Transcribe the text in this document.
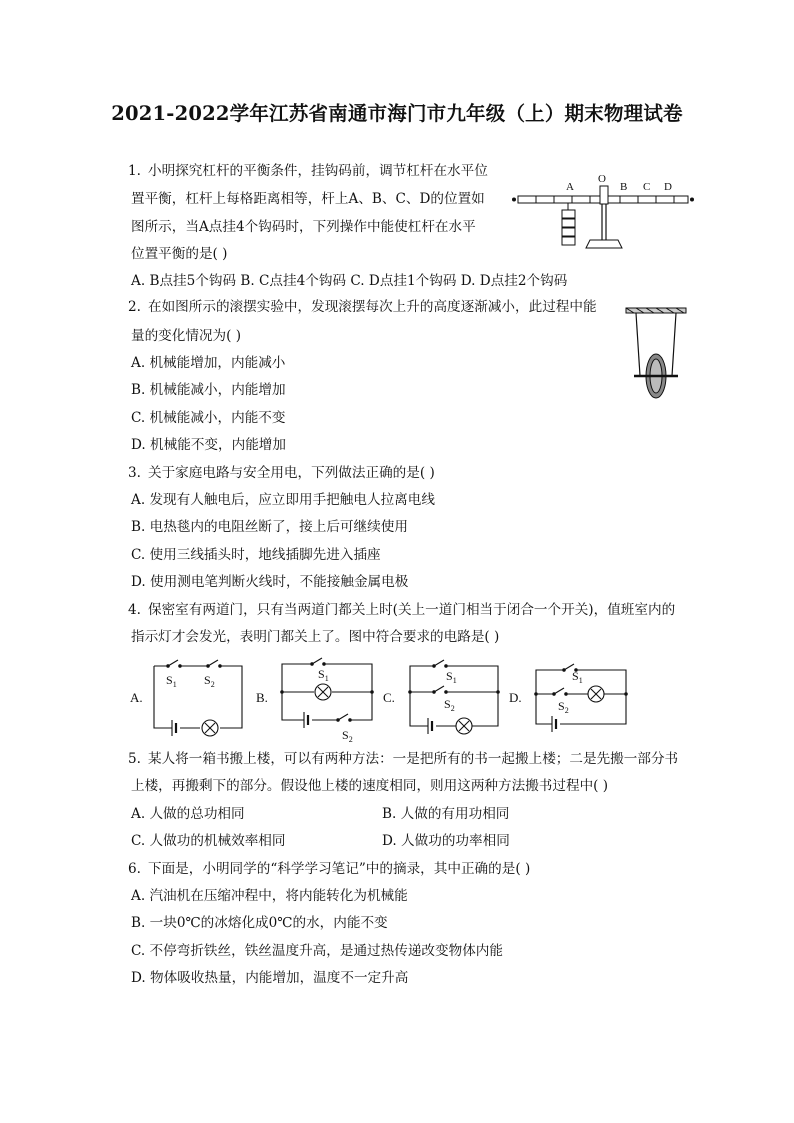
2021-2022学年江苏省南通市海门市九年级（上）期末物理试卷
1. 小明探究杠杆的平衡条件，挂钩码前，调节杠杆在水平位
置平衡，杠杆上每格距离相等，杆上A、B、C、D的位置如
图所示，当A点挂4个钩码时，下列操作中能使杠杆在水平
位置平衡的是( )
A. B点挂5个钩码 B. C点挂4个钩码 C. D点挂1个钩码 D. D点挂2个钩码
A
O
B C D
2. 在如图所示的滚摆实验中，发现滚摆每次上升的高度逐渐减小，此过程中能
量的变化情况为( )
A. 机械能增加，内能减小
B. 机械能减小，内能增加
C. 机械能减小，内能不变
D. 机械能不变，内能增加
3. 关于家庭电路与安全用电，下列做法正确的是( )
A. 发现有人触电后，应立即用手把触电人拉离电线
B. 电热毯内的电阻丝断了，接上后可继续使用
C. 使用三线插头时，地线插脚先进入插座
D. 使用测电笔判断火线时，不能接触金属电极
4. 保密室有两道门，只有当两道门都关上时(关上一道门相当于闭合一个开关)，值班室内的
指示灯才会发光，表明门都关上了。图中符合要求的电路是( )
A.	B.	C.	D.
$S_1$ $S_2$
$S_1$
$S_2$
$S_1$
$S_2$
$S_1$
$S_2$
5. 某人将一箱书搬上楼，可以有两种方法：一是把所有的书一起搬上楼；二是先搬一部分书
上楼，再搬剩下的部分。假设他上楼的速度相同，则用这两种方法搬书过程中( )
A. 人做的总功相同	B. 人做的有用功相同
C. 人做功的机械效率相同	D. 人做功的功率相同
6. 下面是，小明同学的“科学学习笔记”中的摘录，其中正确的是( )
A. 汽油机在压缩冲程中，将内能转化为机械能
B. 一块0℃的冰熔化成0℃的水，内能不变
C. 不停弯折铁丝，铁丝温度升高，是通过热传递改变物体内能
D. 物体吸收热量，内能增加，温度不一定升高
